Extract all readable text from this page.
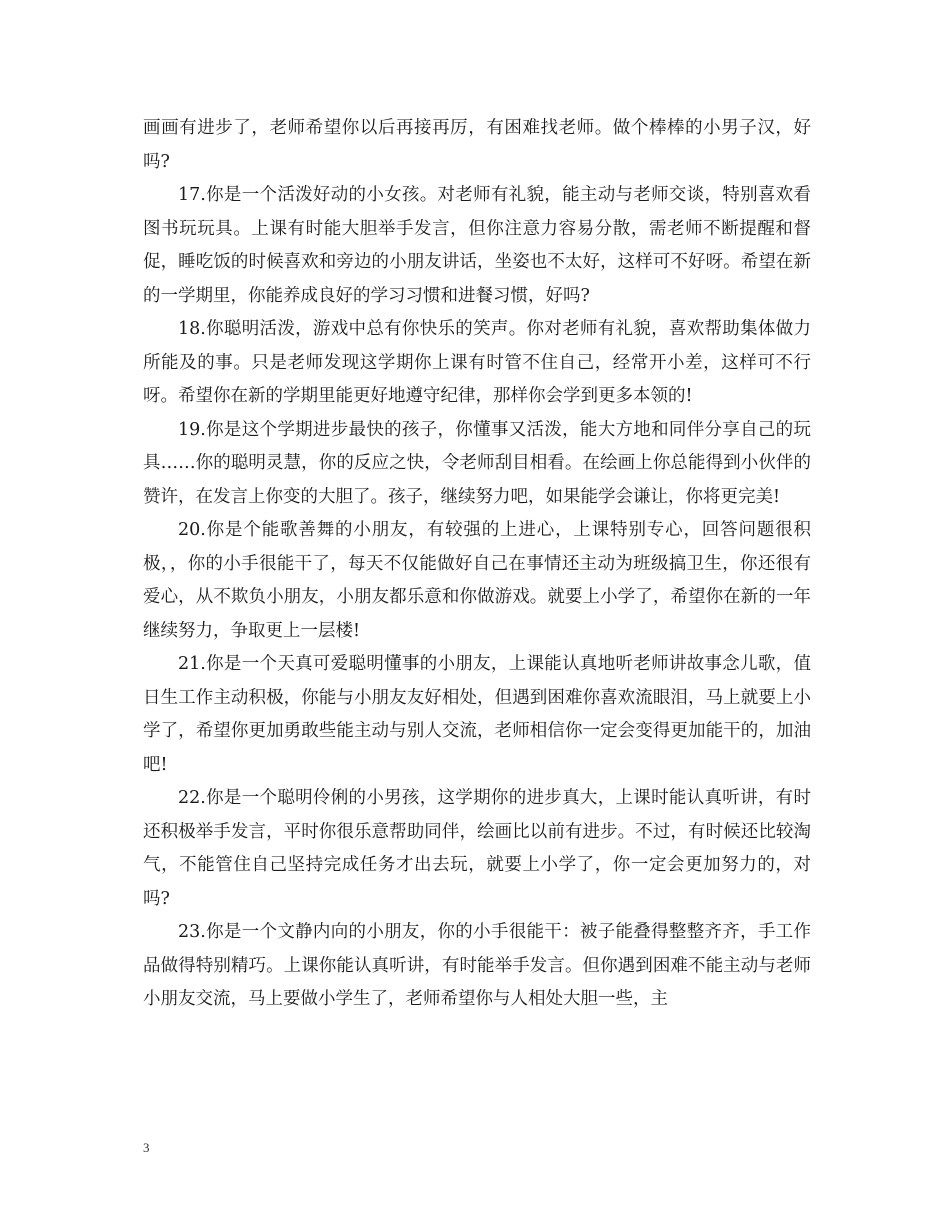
画画有进步了，老师希望你以后再接再厉，有困难找老师。做个棒棒的小男子汉，好吗?

17.你是一个活泼好动的小女孩。对老师有礼貌，能主动与老师交谈，特别喜欢看图书玩玩具。上课有时能大胆举手发言，但你注意力容易分散，需老师不断提醒和督促，睡吃饭的时候喜欢和旁边的小朋友讲话，坐姿也不太好，这样可不好呀。希望在新的一学期里，你能养成良好的学习习惯和进餐习惯，好吗?

18.你聪明活泼，游戏中总有你快乐的笑声。你对老师有礼貌，喜欢帮助集体做力所能及的事。只是老师发现这学期你上课有时管不住自己，经常开小差，这样可不行呀。希望你在新的学期里能更好地遵守纪律，那样你会学到更多本领的!

19.你是这个学期进步最快的孩子，你懂事又活泼，能大方地和同伴分享自己的玩具……你的聪明灵慧，你的反应之快，令老师刮目相看。在绘画上你总能得到小伙伴的赞许，在发言上你变的大胆了。孩子，继续努力吧，如果能学会谦让，你将更完美!

20.你是个能歌善舞的小朋友，有较强的上进心，上课特别专心，回答问题很积极，，你的小手很能干了，每天不仅能做好自己在事情还主动为班级搞卫生，你还很有爱心，从不欺负小朋友，小朋友都乐意和你做游戏。就要上小学了，希望你在新的一年继续努力，争取更上一层楼!

21.你是一个天真可爱聪明懂事的小朋友，上课能认真地听老师讲故事念儿歌，值日生工作主动积极，你能与小朋友友好相处，但遇到困难你喜欢流眼泪，马上就要上小学了，希望你更加勇敢些能主动与别人交流，老师相信你一定会变得更加能干的，加油吧!

22.你是一个聪明伶俐的小男孩，这学期你的进步真大，上课时能认真听讲，有时还积极举手发言，平时你很乐意帮助同伴，绘画比以前有进步。不过，有时候还比较淘气，不能管住自己坚持完成任务才出去玩，就要上小学了，你一定会更加努力的，对吗?

23.你是一个文静内向的小朋友，你的小手很能干：被子能叠得整整齐齐，手工作品做得特别精巧。上课你能认真听讲，有时能举手发言。但你遇到困难不能主动与老师小朋友交流，马上要做小学生了，老师希望你与人相处大胆一些，主

3
